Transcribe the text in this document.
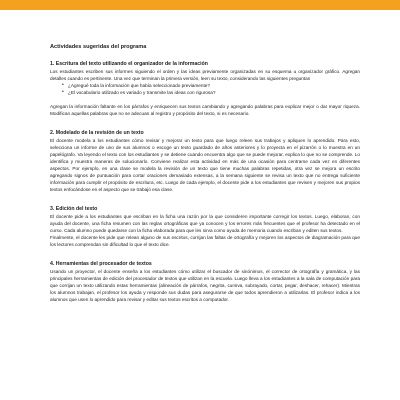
Actividades sugeridas del programa
1. Escritura del texto utilizando el organizador de la información

Los estudiantes escriben sus informes siguiendo el orden y las ideas previamente organizadas en su esquema u organizador gráfico. Agregan detalles cuando es pertinente. Una vez que terminan la primera versión, leen su texto, considerando las siguientes preguntas

• ¿Agregué toda la información que había seleccionado previamente?
• ¿El vocabulario utilizado es variado y transmite las ideas con rigurosa?

Agregan la información faltante en los párrafos y enriquecen sus textos cambiando y agregando palabras para explicar mejor o dar mayor riqueza. Modifican aquellas palabras que no se adecuan al registro y propósito del texto, si es necesario.

2. Modelado de la revisión de un texto

El docente modela a los estudiantes cómo revisar y mejorar un texto para que luego releen sus trabajos y apliquen lo aprendido. Para esto, selecciona un informe de uno de sus alumnos o escoge un texto guardado de años anteriores y lo proyecta en el pizarrón o lo muestra en un papelógrafo. Va leyendo el texto con los estudiantes y se detiene cuando encuentra algo que se puede mejorar, explica lo que no se comprende. Lo identifica y muestra maneras de solucionarlo. Conviene realizar esta actividad en más de una ocasión para centrarse cada vez en diferentes aspectos. Por ejemplo, en una clase se modela la revisión de un texto que tiene muchas palabras repetidas, otra vez se mejora un escrito agregando signos de puntuación para cortar oraciones demasiado extensas, a la semana siguiente se revisa un texto que no entrega suficiente información para cumplir el propósito de escritura, etc. Luego de cada ejemplo, el docente pide a los estudiantes que revisen y mejoren sus propios textos enfocándose en el aspecto que se trabajó esa clase.

3. Edición del texto

El docente pide a los estudiantes que escriban en la ficha una razón por la que consideren importante corregir los textos. Luego, elaboran, con ayuda del docente, una ficha resumen con las reglas ortográficas que ya conocen y los errores más frecuentes que el profesor ha detectado en el curso. Cada alumno puede quedarse con la ficha elaborada para que les sirva como ayuda de memoria cuando escriban y editen sus textos.

Finalmente, el docente les pide que relean alguno de sus escritos, corrijan las faltas de ortografía y mejoren los aspectos de diagramación para que los lectores comprendan sin dificultad lo que el texto dice.

4. Herramientas del procesador de textos

Usando un proyector, el docente enseña a los estudiantes cómo utilizar el buscador de sinónimos, el corrector de ortografía y gramática, y las principales herramientas de edición del procesador de textos que utilizan en la escuela. Luego lleva a los estudiantes a la sala de computación para que corrijan un texto utilizando estas herramientas (alineación de párrafos, negrita, cursiva, subrayado, cortar, pegar, deshacer, rehacer). Mientras los alumnos trabajan, el profesor los ayuda y responde sus dudas para asegurarse de que todos aprendieron a utilizarlas. El profesor indica a los alumnos que usen lo aprendido para revisar y editar sus textos escritos a computador.
